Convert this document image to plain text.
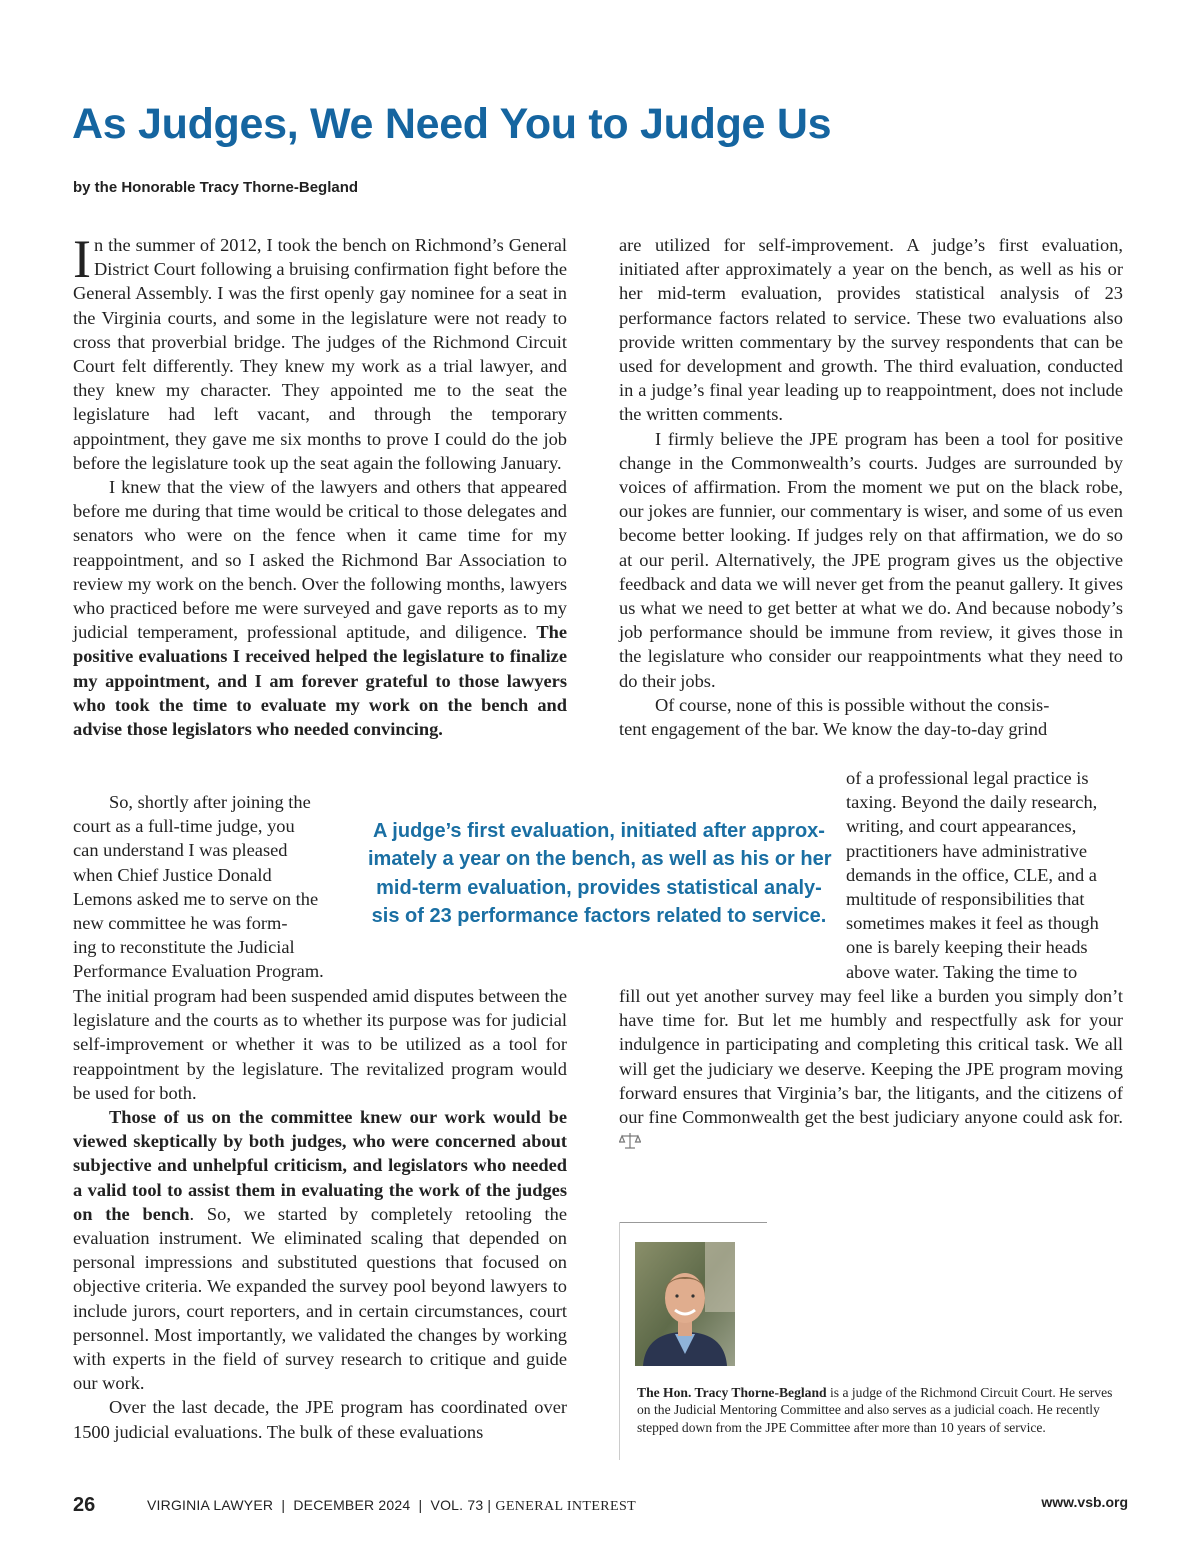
As Judges, We Need You to Judge Us
by the Honorable Tracy Thorne-Begland

In the summer of 2012, I took the bench on Richmond’s General District Court following a bruising confirmation fight before the General Assembly. I was the first openly gay nominee for a seat in the Virginia courts, and some in the legislature were not ready to cross that proverbial bridge. The judges of the Richmond Circuit Court felt differently. They knew my work as a trial lawyer, and they knew my character. They appointed me to the seat the legislature had left vacant, and through the temporary appointment, they gave me six months to prove I could do the job before the legislature took up the seat again the following January.

I knew that the view of the lawyers and others that appeared before me during that time would be critical to those delegates and senators who were on the fence when it came time for my reappointment, and so I asked the Richmond Bar Association to review my work on the bench. Over the following months, lawyers who practiced before me were surveyed and gave reports as to my judicial temperament, professional aptitude, and diligence. The positive evaluations I received helped the legislature to finalize my appointment, and I am forever grateful to those lawyers who took the time to evaluate my work on the bench and advise those legislators who needed convincing.

So, shortly after joining the
court as a full-time judge, you
can understand I was pleased
when Chief Justice Donald
Lemons asked me to serve on the
new committee he was form-
ing to reconstitute the Judicial
Performance Evaluation Program.

The initial program had been suspended amid disputes between the legislature and the courts as to whether its purpose was for judicial self-improvement or whether it was to be utilized as a tool for reappointment by the legislature. The revitalized program would be used for both.

Those of us on the committee knew our work would be viewed skeptically by both judges, who were concerned about subjective and unhelpful criticism, and legislators who needed a valid tool to assist them in evaluating the work of the judges on the bench. So, we started by completely retooling the evaluation instrument. We eliminated scaling that depended on personal impressions and substituted questions that focused on objective criteria. We expanded the survey pool beyond lawyers to include jurors, court reporters, and in certain circumstances, court personnel. Most importantly, we validated the changes by working with experts in the field of survey research to critique and guide our work.

Over the last decade, the JPE program has coordinated over 1500 judicial evaluations. The bulk of these evaluations

are utilized for self-improvement. A judge’s first evaluation, initiated after approximately a year on the bench, as well as his or her mid-term evaluation, provides statistical analysis of 23 performance factors related to service. These two evaluations also provide written commentary by the survey respondents that can be used for development and growth. The third evaluation, conducted in a judge’s final year leading up to reappointment, does not include the written comments.

I firmly believe the JPE program has been a tool for positive change in the Commonwealth’s courts. Judges are surrounded by voices of affirmation. From the moment we put on the black robe, our jokes are funnier, our commentary is wiser, and some of us even become better looking. If judges rely on that affirmation, we do so at our peril. Alternatively, the JPE program gives us the objective feedback and data we will never get from the peanut gallery. It gives us what we need to get better at what we do. And because nobody’s job performance should be immune from review, it gives those in the legislature who consider our reappointments what they need to do their jobs.

Of course, none of this is possible without the consis-
tent engagement of the bar. We know the day-to-day grind
of a professional legal practice is
taxing. Beyond the daily research,
writing, and court appearances,
practitioners have administrative
demands in the office, CLE, and a
multitude of responsibilities that
sometimes makes it feel as though
one is barely keeping their heads
above water. Taking the time to

fill out yet another survey may feel like a burden you simply don’t have time for. But let me humbly and respectfully ask for your indulgence in participating and completing this critical task. We all will get the judiciary we deserve. Keeping the JPE program moving forward ensures that Virginia’s bar, the litigants, and the citizens of our fine Commonwealth get the best judiciary anyone could ask for.

A judge’s first evaluation, initiated after approx-
imately a year on the bench, as well as his or her
mid-term evaluation, provides statistical analy-
sis of 23 performance factors related to service.
The Hon. Tracy Thorne-Begland is a judge of the Richmond Circuit Court. He serves on the Judicial Mentoring Committee and also serves as a judicial coach. He recently stepped down from the JPE Committee after more than 10 years of service.
26	VIRGINIA LAWYER  |  DECEMBER 2024  |  VOL. 73 | GENERAL INTEREST	www.vsb.org
